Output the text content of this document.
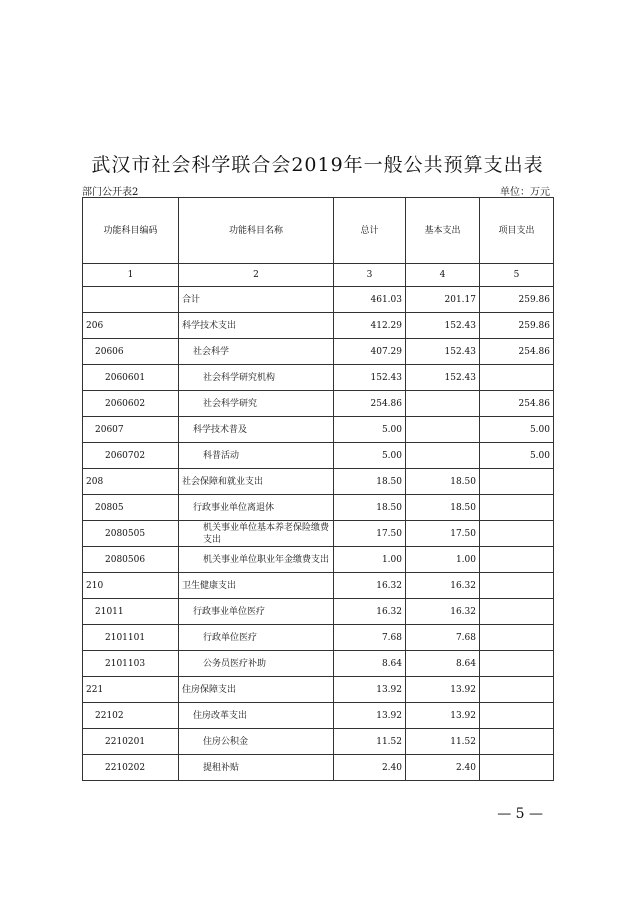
武汉市社会科学联合会2019年一般公共预算支出表
部门公开表2	单位：万元
功能科目编码	功能科目名称	总计	基本支出	项目支出
1	2	3	4	5
	合计	461.03	201.17	259.86
206	科学技术支出	412.29	152.43	259.86
20606	社会科学	407.29	152.43	254.86
2060601	社会科学研究机构	152.43	152.43	
2060602	社会科学研究	254.86		254.86
20607	科学技术普及	5.00		5.00
2060702	科普活动	5.00		5.00
208	社会保障和就业支出	18.50	18.50	
20805	行政事业单位离退休	18.50	18.50	
2080505	机关事业单位基本养老保险缴费支出	17.50	17.50	
2080506	机关事业单位职业年金缴费支出	1.00	1.00	
210	卫生健康支出	16.32	16.32	
21011	行政事业单位医疗	16.32	16.32	
2101101	行政单位医疗	7.68	7.68	
2101103	公务员医疗补助	8.64	8.64	
221	住房保障支出	13.92	13.92	
22102	住房改革支出	13.92	13.92	
2210201	住房公积金	11.52	11.52	
2210202	提租补贴	2.40	2.40	
— 5 —
